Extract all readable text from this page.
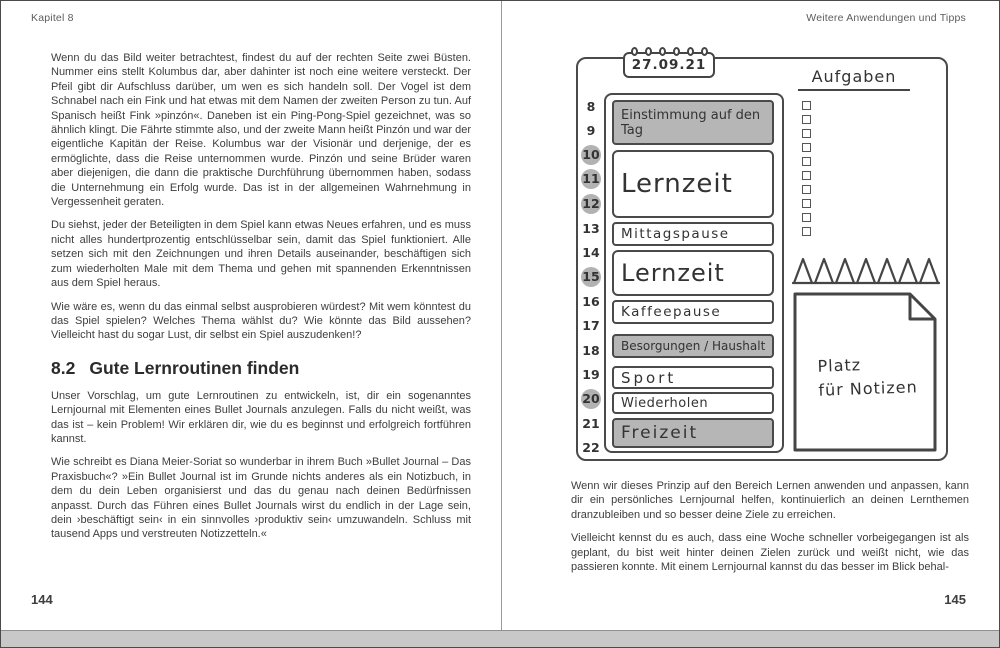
Kapitel 8

Wenn du das Bild weiter betrachtest, findest du auf der rechten Seite zwei Büsten. Nummer eins stellt Kolumbus dar, aber dahinter ist noch eine weitere versteckt. Der Pfeil gibt dir Aufschluss darüber, um wen es sich handeln soll. Der Vogel ist dem Schnabel nach ein Fink und hat etwas mit dem Namen der zweiten Person zu tun. Auf Spanisch heißt Fink »pinzón«. Daneben ist ein Ping-Pong-Spiel gezeichnet, was so ähnlich klingt. Die Fährte stimmte also, und der zweite Mann heißt Pinzón und war der eigentliche Kapitän der Reise. Kolumbus war der Visionär und derjenige, der es ermöglichte, dass die Reise unternommen wurde. Pinzón und seine Brüder waren aber diejenigen, die dann die praktische Durchführung übernommen haben, sodass die Unternehmung ein Erfolg wurde. Das ist in der allgemeinen Wahrnehmung in Vergessenheit geraten.

Du siehst, jeder der Beteiligten in dem Spiel kann etwas Neues erfahren, und es muss nicht alles hundertprozentig entschlüsselbar sein, damit das Spiel funktioniert. Alle setzen sich mit den Zeichnungen und ihren Details auseinander, beschäftigen sich zum wiederholten Male mit dem Thema und gehen mit spannenden Erkenntnissen aus dem Spiel heraus.

Wie wäre es, wenn du das einmal selbst ausprobieren würdest? Mit wem könntest du das Spiel spielen? Welches Thema wählst du? Wie könnte das Bild aussehen? Vielleicht hast du sogar Lust, dir selbst ein Spiel auszudenken!?

8.2 Gute Lernroutinen finden

Unser Vorschlag, um gute Lernroutinen zu entwickeln, ist, dir ein sogenanntes Lernjournal mit Elementen eines Bullet Journals anzulegen. Falls du nicht weißt, was das ist – kein Problem! Wir erklären dir, wie du es beginnst und erfolgreich fortführen kannst.

Wie schreibt es Diana Meier-Soriat so wunderbar in ihrem Buch »Bullet Journal – Das Praxisbuch«? »Ein Bullet Journal ist im Grunde nichts anderes als ein Notizbuch, in dem du dein Leben organisierst und das du genau nach deinen Bedürfnissen anpasst. Durch das Führen eines Bullet Journals wirst du endlich in der Lage sein, dein ›beschäftigt sein‹ in ein sinnvolles ›produktiv sein‹ umzuwandeln. Schluss mit tausend Apps und verstreuten Notizzetteln.«

144
Weitere Anwendungen und Tipps
27.09.21
Aufgaben
8
9
10
11
12
13
14
15
16
17
18
19
20
21
22
Einstimmung auf den Tag
Lernzeit
Mittagspause
Lernzeit
Kaffeepause
Besorgungen / Haushalt
Sport
Wiederholen
Freizeit
Platz
für Notizen

Wenn wir dieses Prinzip auf den Bereich Lernen anwenden und anpassen, kann dir ein persönliches Lernjournal helfen, kontinuierlich an deinen Lernthemen dranzubleiben und so besser deine Ziele zu erreichen.

Vielleicht kennst du es auch, dass eine Woche schneller vorbeigegangen ist als geplant, du bist weit hinter deinen Zielen zurück und weißt nicht, wie das passieren konnte. Mit einem Lernjournal kannst du das besser im Blick behal-

145
